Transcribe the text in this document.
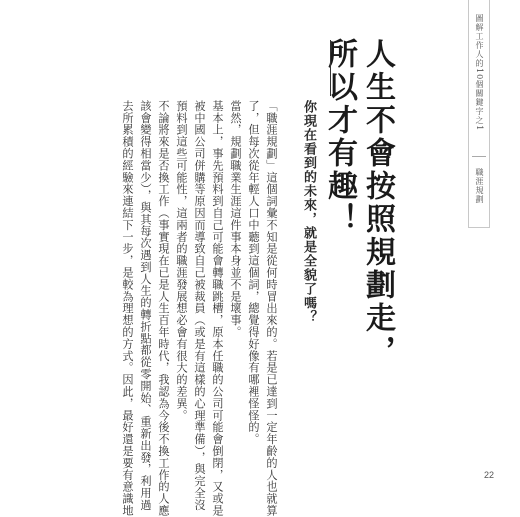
圖解工作人的10個關鍵字之1
職涯規劃
人生不會按照規劃走，
所以才有趣！
你現在看到的未來，就是全貌了嗎？
「職涯規劃」這個詞彙不知是從何時冒出來的。若是已達到一定年齡的人也就算
了，但每次從年輕人口中聽到這個詞，總覺得好像有哪裡怪怪的。
當然，規劃職業生涯這件事本身並不是壞事。
基本上，事先預料到自己可能會轉職跳槽，原本任職的公司可能會倒閉，又或是
被中國公司併購等原因而導致自己被裁員（或是有這樣的心理準備），與完全沒
預料到這些可能性，這兩者的職涯發展想必會有很大的差異。
不論將來是否換工作（事實現在已是人生百年時代，我認為今後不換工作的人應
該會變得相當少），與其每次遇到人生的轉折點都從零開始、重新出發，利用過
去所累積的經驗來連結下一步，是較為理想的方式。因此，最好還是要有意識地	22
